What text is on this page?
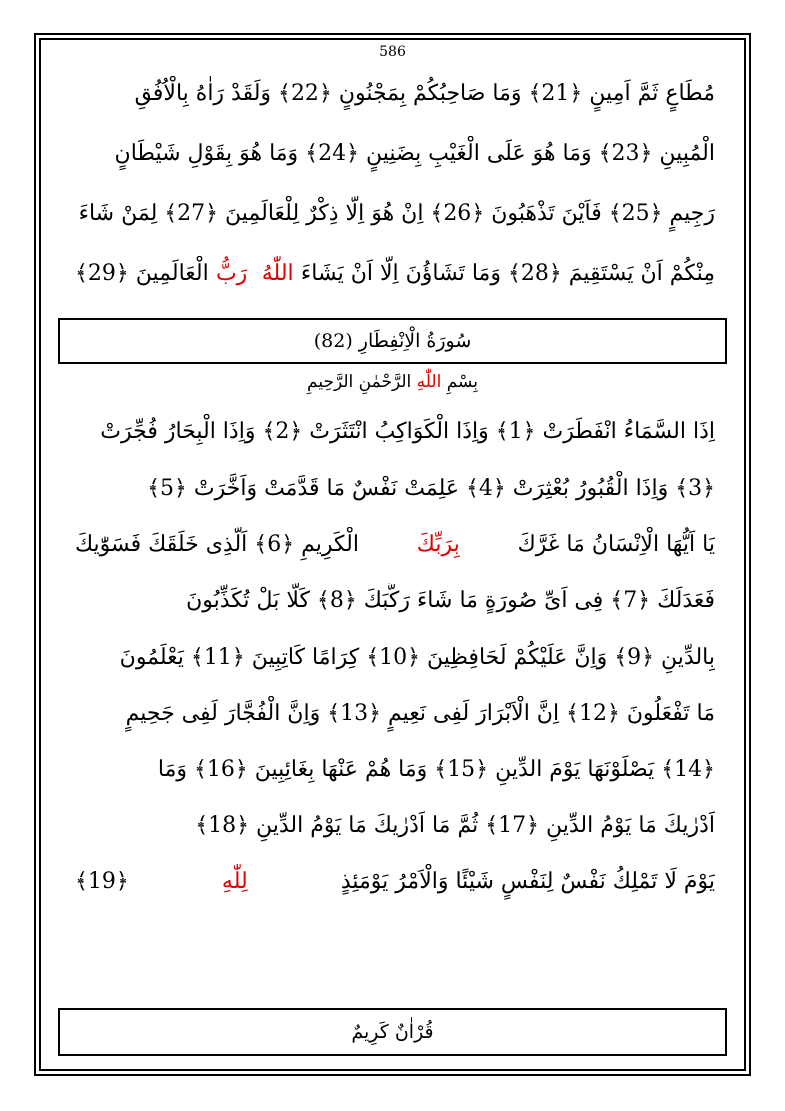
586
مُطَاعٍ ثَمَّ اَمِينٍ ﴿21﴾ وَمَا صَاحِبُكُمْ بِمَجْنُونٍ ﴿22﴾ وَلَقَدْ رَاٰهُ بِالْاُفُقِ
الْمُبِينِ ﴿23﴾ وَمَا هُوَ عَلَى الْغَيْبِ بِضَنِينٍ ﴿24﴾ وَمَا هُوَ بِقَوْلِ شَيْطَانٍ
رَجِيمٍ ﴿25﴾ فَاَيْنَ تَذْهَبُونَ ﴿26﴾ اِنْ هُوَ اِلَّا ذِكْرٌ لِلْعَالَمِينَ ﴿27﴾ لِمَنْ شَاءَ
مِنْكُمْ اَنْ يَسْتَقِيمَ ﴿28﴾ وَمَا تَشَاؤُنَ اِلَّا اَنْ يَشَاءَ
اللّٰهُ
رَبُّ
الْعَالَمِينَ ﴿29﴾
سُورَةُ الْاِنْفِطَارِ (82)
بِسْمِ اللّٰهِ الرَّحْمٰنِ الرَّحِيمِ
اِذَا السَّمَاءُ انْفَطَرَتْ ﴿1﴾ وَاِذَا الْكَوَاكِبُ انْتَثَرَتْ ﴿2﴾ وَاِذَا الْبِحَارُ فُجِّرَتْ
﴿3﴾ وَاِذَا الْقُبُورُ بُعْثِرَتْ ﴿4﴾ عَلِمَتْ نَفْسٌ مَا قَدَّمَتْ وَاَخَّرَتْ ﴿5﴾
يَا اَيُّهَا الْاِنْسَانُ مَا غَرَّكَ
بِرَبِّكَ
الْكَرِيمِ ﴿6﴾ اَلَّذِى خَلَقَكَ فَسَوّٰيكَ
فَعَدَلَكَ ﴿7﴾ فِى اَىِّ صُورَةٍ مَا شَاءَ رَكَّبَكَ ﴿8﴾ كَلَّا بَلْ تُكَذِّبُونَ
بِالدِّينِ ﴿9﴾ وَاِنَّ عَلَيْكُمْ لَحَافِظِينَ ﴿10﴾ كِرَامًا كَاتِبِينَ ﴿11﴾ يَعْلَمُونَ
مَا تَفْعَلُونَ ﴿12﴾ اِنَّ الْاَبْرَارَ لَفِى نَعِيمٍ ﴿13﴾ وَاِنَّ الْفُجَّارَ لَفِى جَحِيمٍ
﴿14﴾ يَصْلَوْنَهَا يَوْمَ الدِّينِ ﴿15﴾ وَمَا هُمْ عَنْهَا بِغَائِبِينَ ﴿16﴾ وَمَا
اَدْرٰيكَ مَا يَوْمُ الدِّينِ ﴿17﴾ ثُمَّ مَا اَدْرٰيكَ مَا يَوْمُ الدِّينِ ﴿18﴾
يَوْمَ لَا تَمْلِكُ نَفْسٌ لِنَفْسٍ شَيْئًا وَالْاَمْرُ يَوْمَئِذٍ
لِلّٰهِ
﴿19﴾
قُرْاٰنٌ كَرِيمٌ
